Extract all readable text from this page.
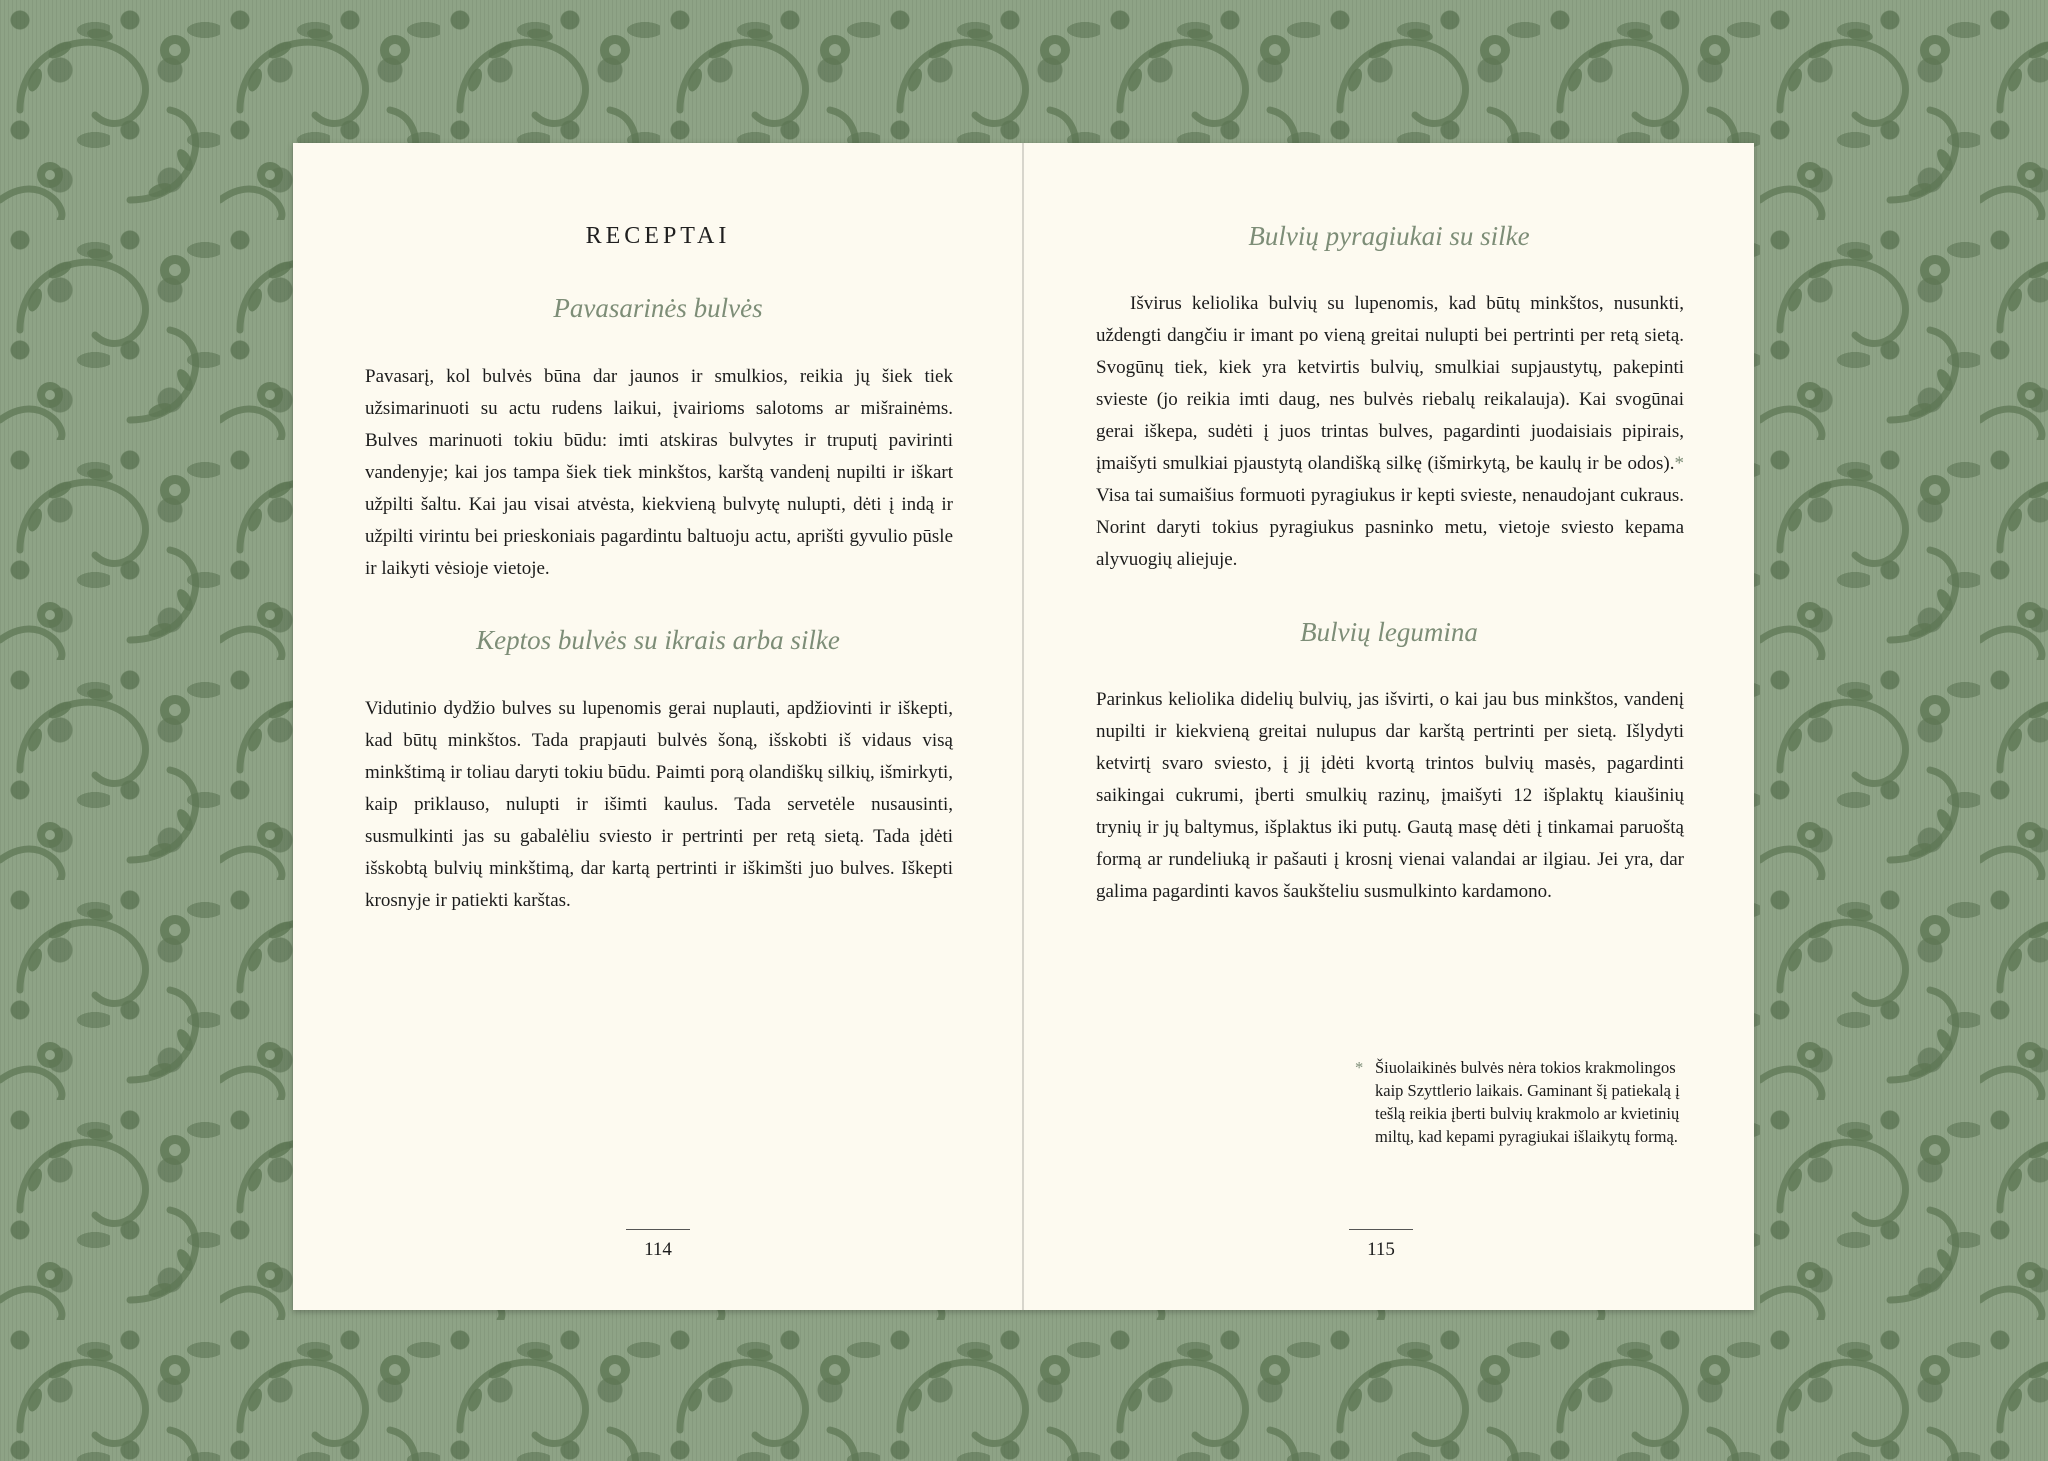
RECEPTAI
Pavasarinės bulvės

Pavasarį, kol bulvės būna dar jaunos ir smulkios, reikia jų šiek tiek užsimarinuoti su actu rudens laikui, įvairioms salotoms ar mišrainėms. Bulves marinuoti tokiu būdu: imti atskiras bulvytes ir truputį pavirinti vandenyje; kai jos tampa šiek tiek minkštos, karštą vandenį nupilti ir iškart užpilti šaltu. Kai jau visai atvėsta, kiekvieną bulvytę nulupti, dėti į indą ir užpilti virintu bei prieskoniais pagardintu baltuoju actu, aprišti gyvulio pūsle ir laikyti vėsioje vietoje.

Keptos bulvės su ikrais arba silke

Vidutinio dydžio bulves su lupenomis gerai nuplauti, apdžiovinti ir iškepti, kad būtų minkštos. Tada prapjauti bulvės šoną, išskobti iš vidaus visą minkštimą ir toliau daryti tokiu būdu. Paimti porą olandiškų silkių, išmirkyti, kaip priklauso, nulupti ir išimti kaulus. Tada servetėle nusausinti, susmulkinti jas su gabalėliu sviesto ir pertrinti per retą sietą. Tada įdėti išskobtą bulvių minkštimą, dar kartą pertrinti ir iškimšti juo bulves. Iškepti krosnyje ir patiekti karštas.

114
Bulvių pyragiukai su silke

Išvirus keliolika bulvių su lupenomis, kad būtų minkštos, nusunkti, uždengti dangčiu ir imant po vieną greitai nulupti bei pertrinti per retą sietą. Svogūnų tiek, kiek yra ketvirtis bulvių, smulkiai supjaustytų, pakepinti svieste (jo reikia imti daug, nes bulvės riebalų reikalauja). Kai svogūnai gerai iškepa, sudėti į juos trintas bulves, pagardinti juodaisiais pipirais, įmaišyti smulkiai pjaustytą olandišką silkę (išmirkytą, be kaulų ir be odos).* Visa tai sumaišius formuoti pyragiukus ir kepti svieste, nenaudojant cukraus. Norint daryti tokius pyragiukus pasninko metu, vietoje sviesto kepama alyvuogių aliejuje.

Bulvių legumina

Parinkus keliolika didelių bulvių, jas išvirti, o kai jau bus minkštos, vandenį nupilti ir kiekvieną greitai nulupus dar karštą pertrinti per sietą. Išlydyti ketvirtį svaro sviesto, į jį įdėti kvortą trintos bulvių masės, pagardinti saikingai cukrumi, įberti smulkių razinų, įmaišyti 12 išplaktų kiaušinių trynių ir jų baltymus, išplaktus iki putų. Gautą masę dėti į tinkamai paruoštą formą ar rundeliuką ir pašauti į krosnį vienai valandai ar ilgiau. Jei yra, dar galima pagardinti kavos šaukšteliu susmulkinto kardamono.

* Šiuolaikinės bulvės nėra tokios krakmolingos kaip Szyttlerio laikais. Gaminant šį patiekalą į tešlą reikia įberti bulvių krakmolo ar kvietinių miltų, kad kepami pyragiukai išlaikytų formą.
115
